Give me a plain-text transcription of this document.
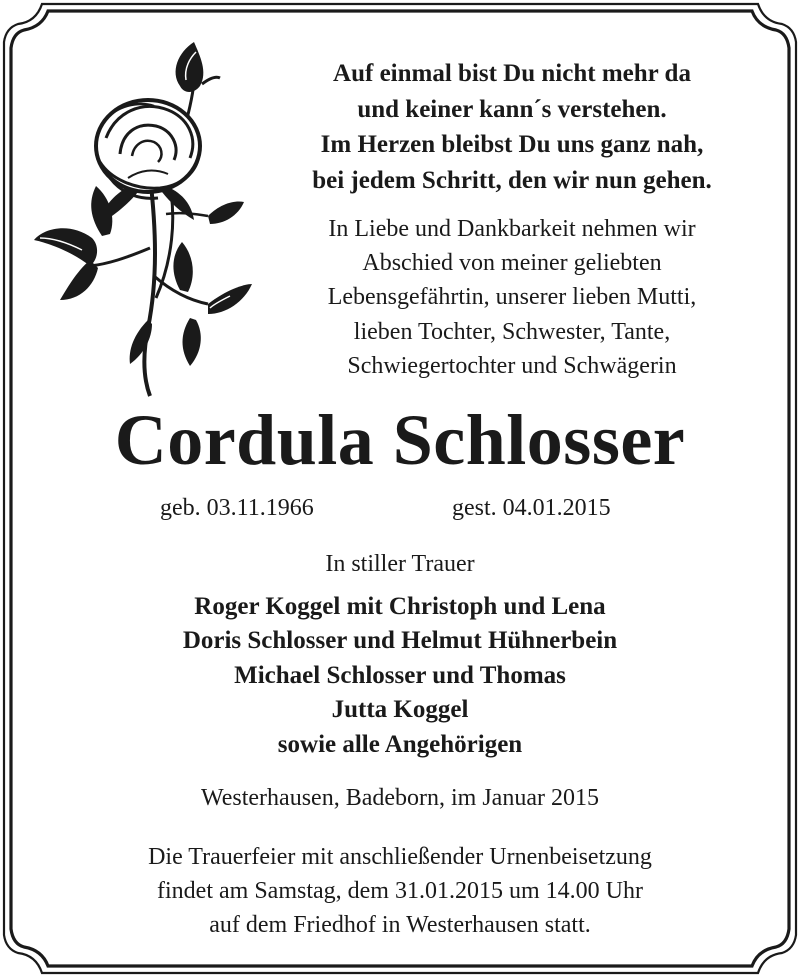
Auf einmal bist Du nicht mehr da
und keiner kann´s verstehen.
Im Herzen bleibst Du uns ganz nah,
bei jedem Schritt, den wir nun gehen.
In Liebe und Dankbarkeit nehmen wir
Abschied von meiner geliebten
Lebensgefährtin, unserer lieben Mutti,
lieben Tochter, Schwester, Tante,
Schwiegertochter und Schwägerin
Cordula Schlosser
geb. 03.11.1966	gest. 04.01.2015
In stiller Trauer
Roger Koggel mit Christoph und Lena
Doris Schlosser und Helmut Hühnerbein
Michael Schlosser und Thomas
Jutta Koggel
sowie alle Angehörigen
Westerhausen, Badeborn, im Januar 2015
Die Trauerfeier mit anschließender Urnenbeisetzung
findet am Samstag, dem 31.01.2015 um 14.00 Uhr
auf dem Friedhof in Westerhausen statt.
